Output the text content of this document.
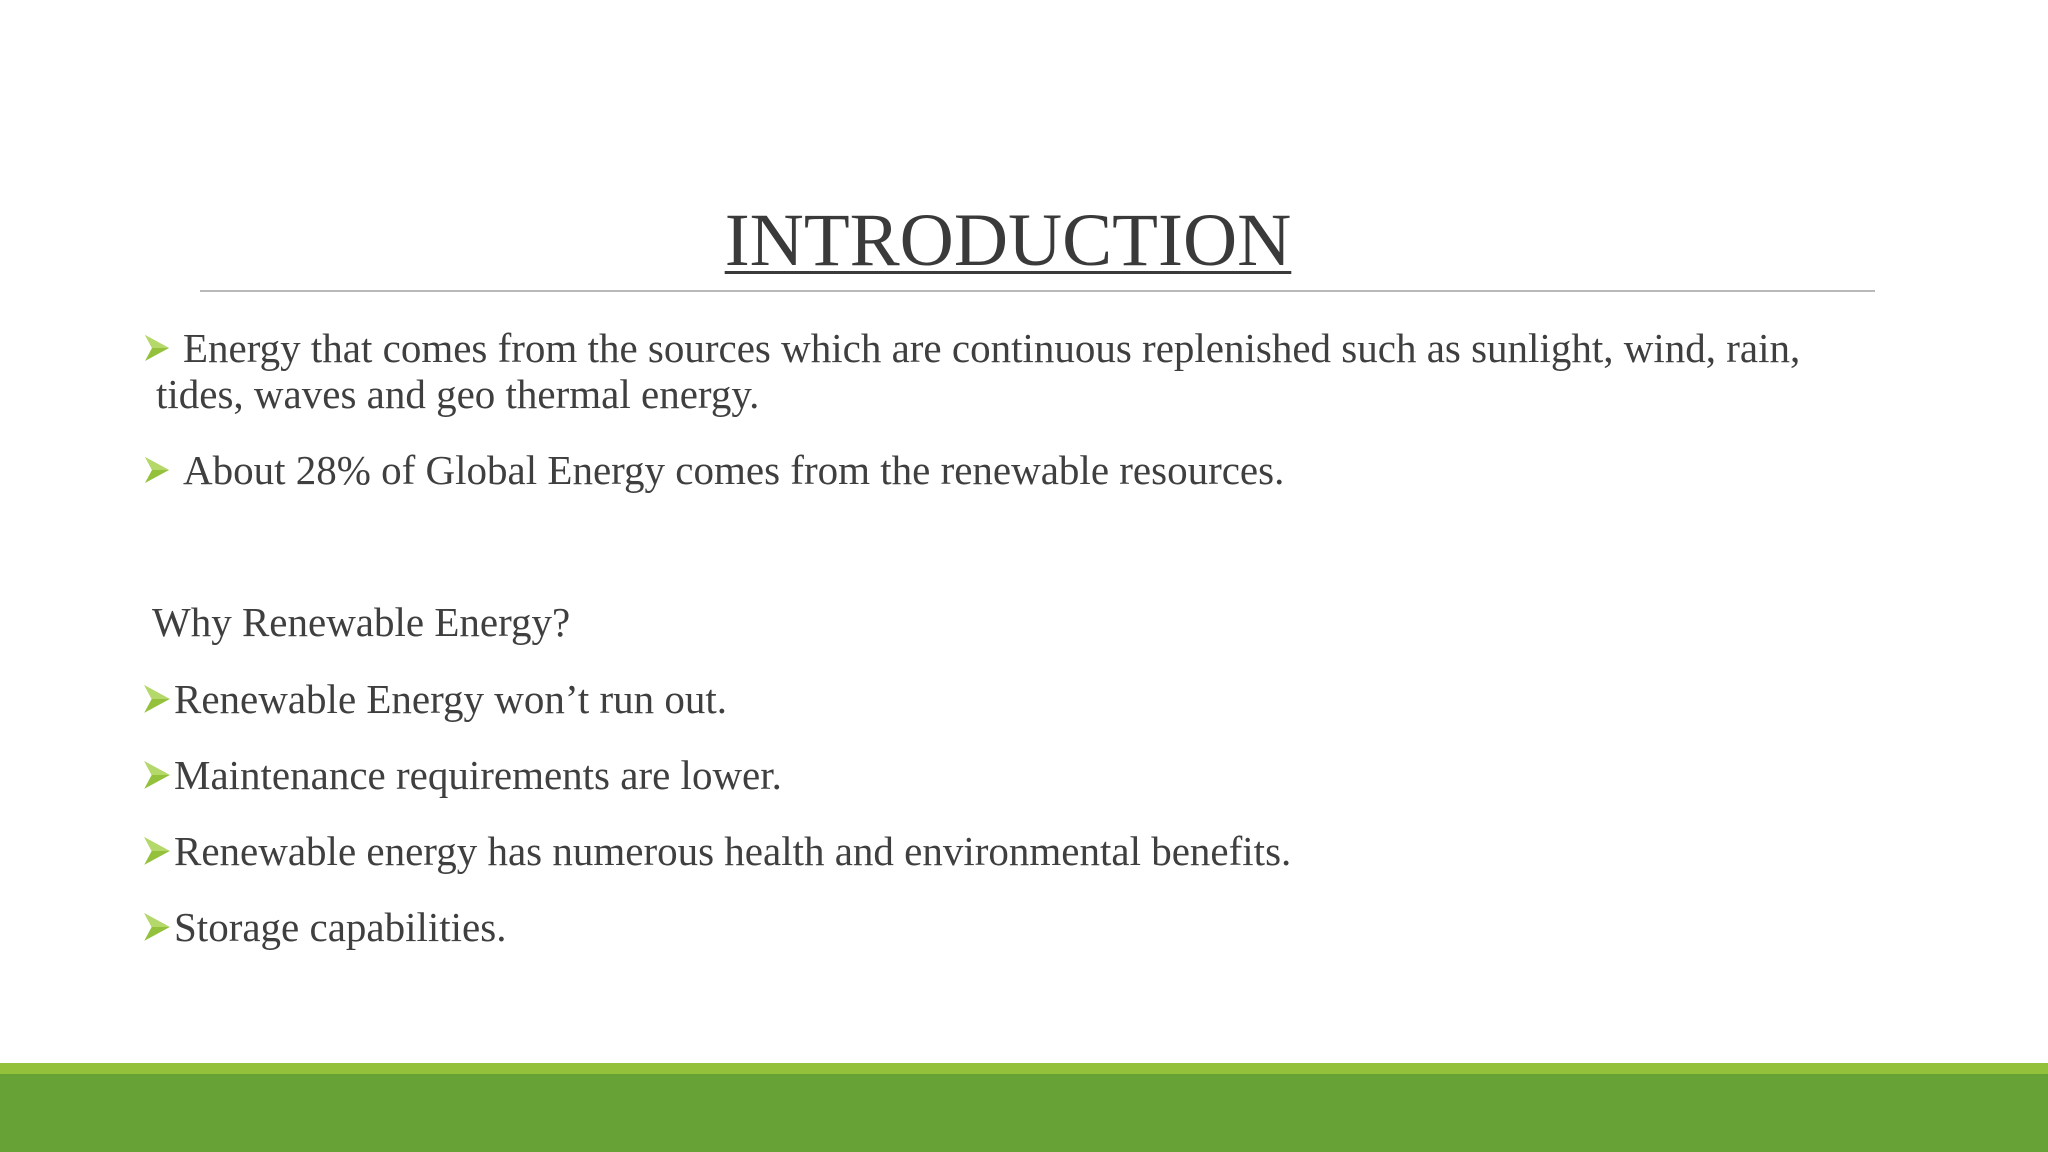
INTRODUCTION
Energy that comes from the sources which are continuous replenished such as sunlight, wind, rain,
tides, waves and geo thermal energy.
About 28% of Global Energy comes from the renewable resources.
Why Renewable Energy?
Renewable Energy won’t run out.
Maintenance requirements are lower.
Renewable energy has numerous health and environmental benefits.
Storage capabilities.
